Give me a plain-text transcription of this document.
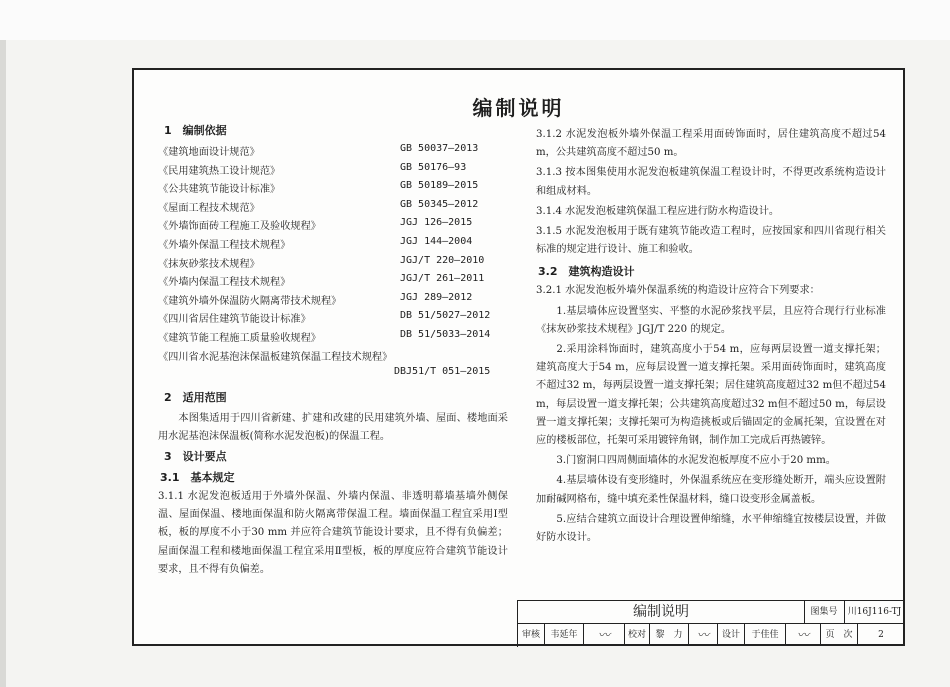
编制说明
1　编制依据
《建筑地面设计规范》	GB 50037—2013
《民用建筑热工设计规范》	GB 50176—93
《公共建筑节能设计标准》	GB 50189—2015
《屋面工程技术规范》	GB 50345—2012
《外墙饰面砖工程施工及验收规程》	JGJ 126—2015
《外墙外保温工程技术规程》	JGJ 144—2004
《抹灰砂浆技术规程》	JGJ/T 220—2010
《外墙内保温工程技术规程》	JGJ/T 261—2011
《建筑外墙外保温防火隔离带技术规程》	JGJ 289—2012
《四川省居住建筑节能设计标准》	DB 51/5027—2012
《建筑节能工程施工质量验收规程》	DB 51/5033—2014
《四川省水泥基泡沫保温板建筑保温工程技术规程》
DBJ51/T 051—2015
2　适用范围

本图集适用于四川省新建、扩建和改建的民用建筑外墙、屋面、楼地面采用水泥基泡沫保温板(简称水泥发泡板)的保温工程。

3　设计要点
3.1　基本规定

3.1.1 水泥发泡板适用于外墙外保温、外墙内保温、非透明幕墙基墙外侧保温、屋面保温、楼地面保温和防火隔离带保温工程。墙面保温工程宜采用Ⅰ型板，板的厚度不小于30 mm 并应符合建筑节能设计要求，且不得有负偏差；屋面保温工程和楼地面保温工程宜采用Ⅱ型板，板的厚度应符合建筑节能设计要求，且不得有负偏差。

3.1.2 水泥发泡板外墙外保温工程采用面砖饰面时，居住建筑高度不超过54 m，公共建筑高度不超过50 m。

3.1.3 按本图集使用水泥发泡板建筑保温工程设计时，不得更改系统构造设计和组成材料。

3.1.4 水泥发泡板建筑保温工程应进行防水构造设计。

3.1.5 水泥发泡板用于既有建筑节能改造工程时，应按国家和四川省现行相关标准的规定进行设计、施工和验收。

3.2　建筑构造设计

3.2.1 水泥发泡板外墙外保温系统的构造设计应符合下列要求：

1.基层墙体应设置坚实、平整的水泥砂浆找平层，且应符合现行行业标准《抹灰砂浆技术规程》JGJ/T 220 的规定。

2.采用涂料饰面时，建筑高度小于54 m，应每两层设置一道支撑托架；建筑高度大于54 m，应每层设置一道支撑托架。采用面砖饰面时，建筑高度不超过32 m，每两层设置一道支撑托架；居住建筑高度超过32 m但不超过54 m，每层设置一道支撑托架；公共建筑高度超过32 m但不超过50 m，每层设置一道支撑托架；支撑托架可为构造挑板或后锚固定的金属托架，宜设置在对应的楼板部位，托架可采用镀锌角钢，制作加工完成后再热镀锌。

3.门窗洞口四周侧面墙体的水泥发泡板厚度不应小于20 mm。

4.基层墙体设有变形缝时，外保温系统应在变形缝处断开，端头应设置附加耐碱网格布，缝中填充柔性保温材料，缝口设变形金属盖板。

5.应结合建筑立面设计合理设置伸缩缝，水平伸缩缝宜按楼层设置，并做好防水设计。

编制说明	图集号	川16J116-TJ
审核	韦延年	〰	校对	黎　力	〰	设计	于佳佳	〰	页　次	2
